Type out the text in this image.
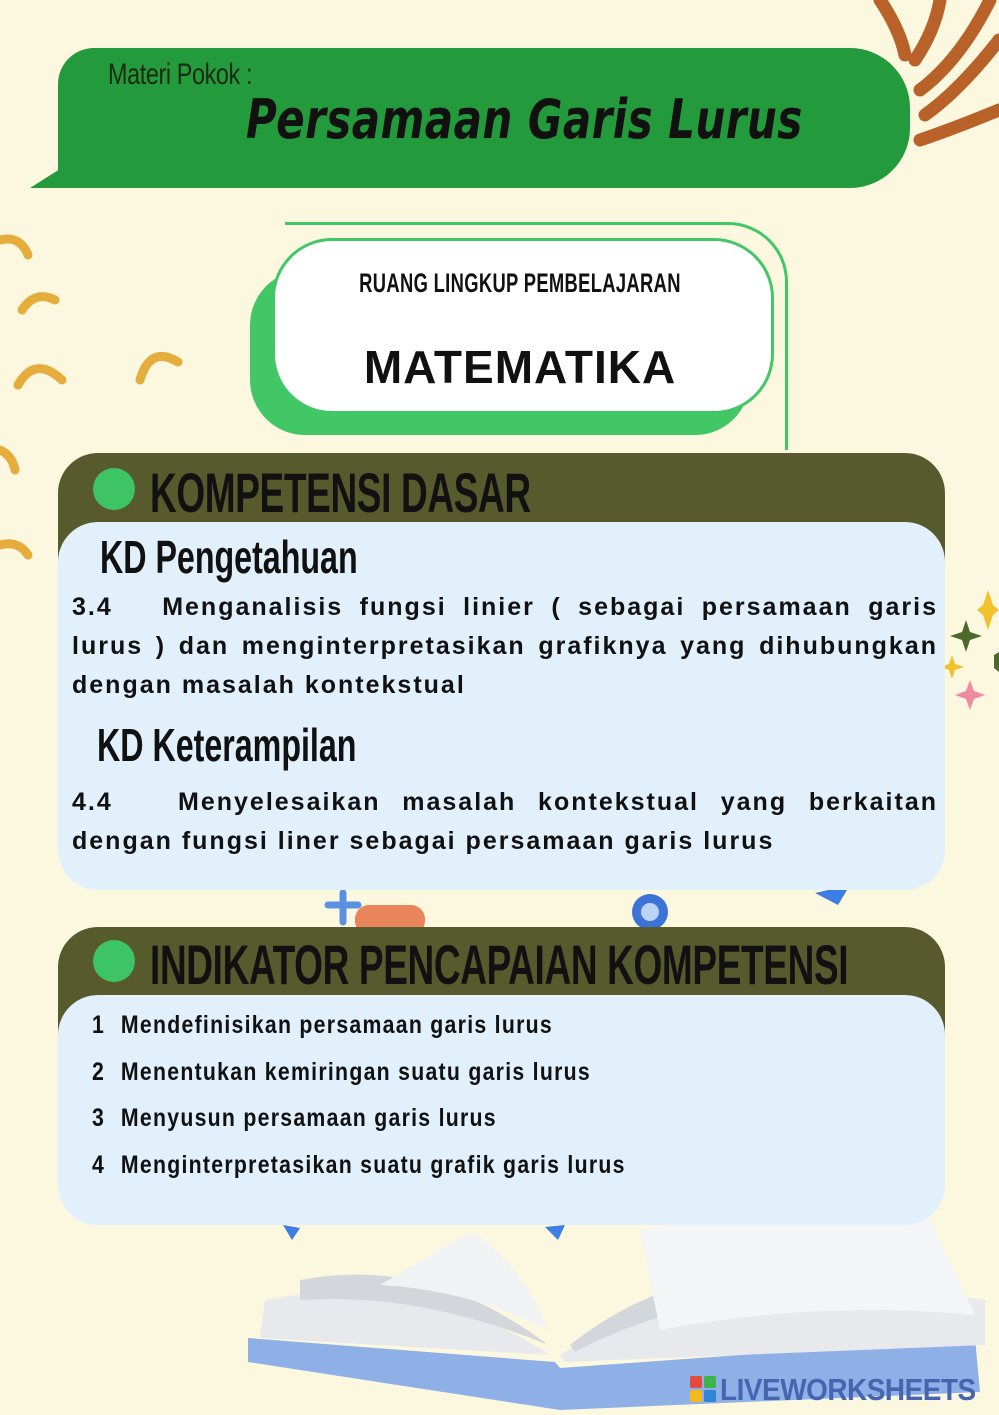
Materi Pokok :
Persamaan Garis Lurus
RUANG LINGKUP PEMBELAJARAN
MATEMATIKA
KOMPETENSI DASAR
KD Pengetahuan
3.4 Menganalisis fungsi linier ( sebagai persamaan garis lurus ) dan menginterpretasikan grafiknya yang dihubungkan dengan masalah kontekstual
KD Keterampilan
4.4	Menyelesaikan masalah kontekstual yang berkaitan dengan fungsi liner sebagai persamaan garis lurus
INDIKATOR PENCAPAIAN KOMPETENSI
1 Mendefinisikan persamaan garis lurus
2 Menentukan kemiringan suatu garis lurus
3 Menyusun persamaan garis lurus
4 Menginterpretasikan suatu grafik garis lurus
LIVEWORKSHEETS
